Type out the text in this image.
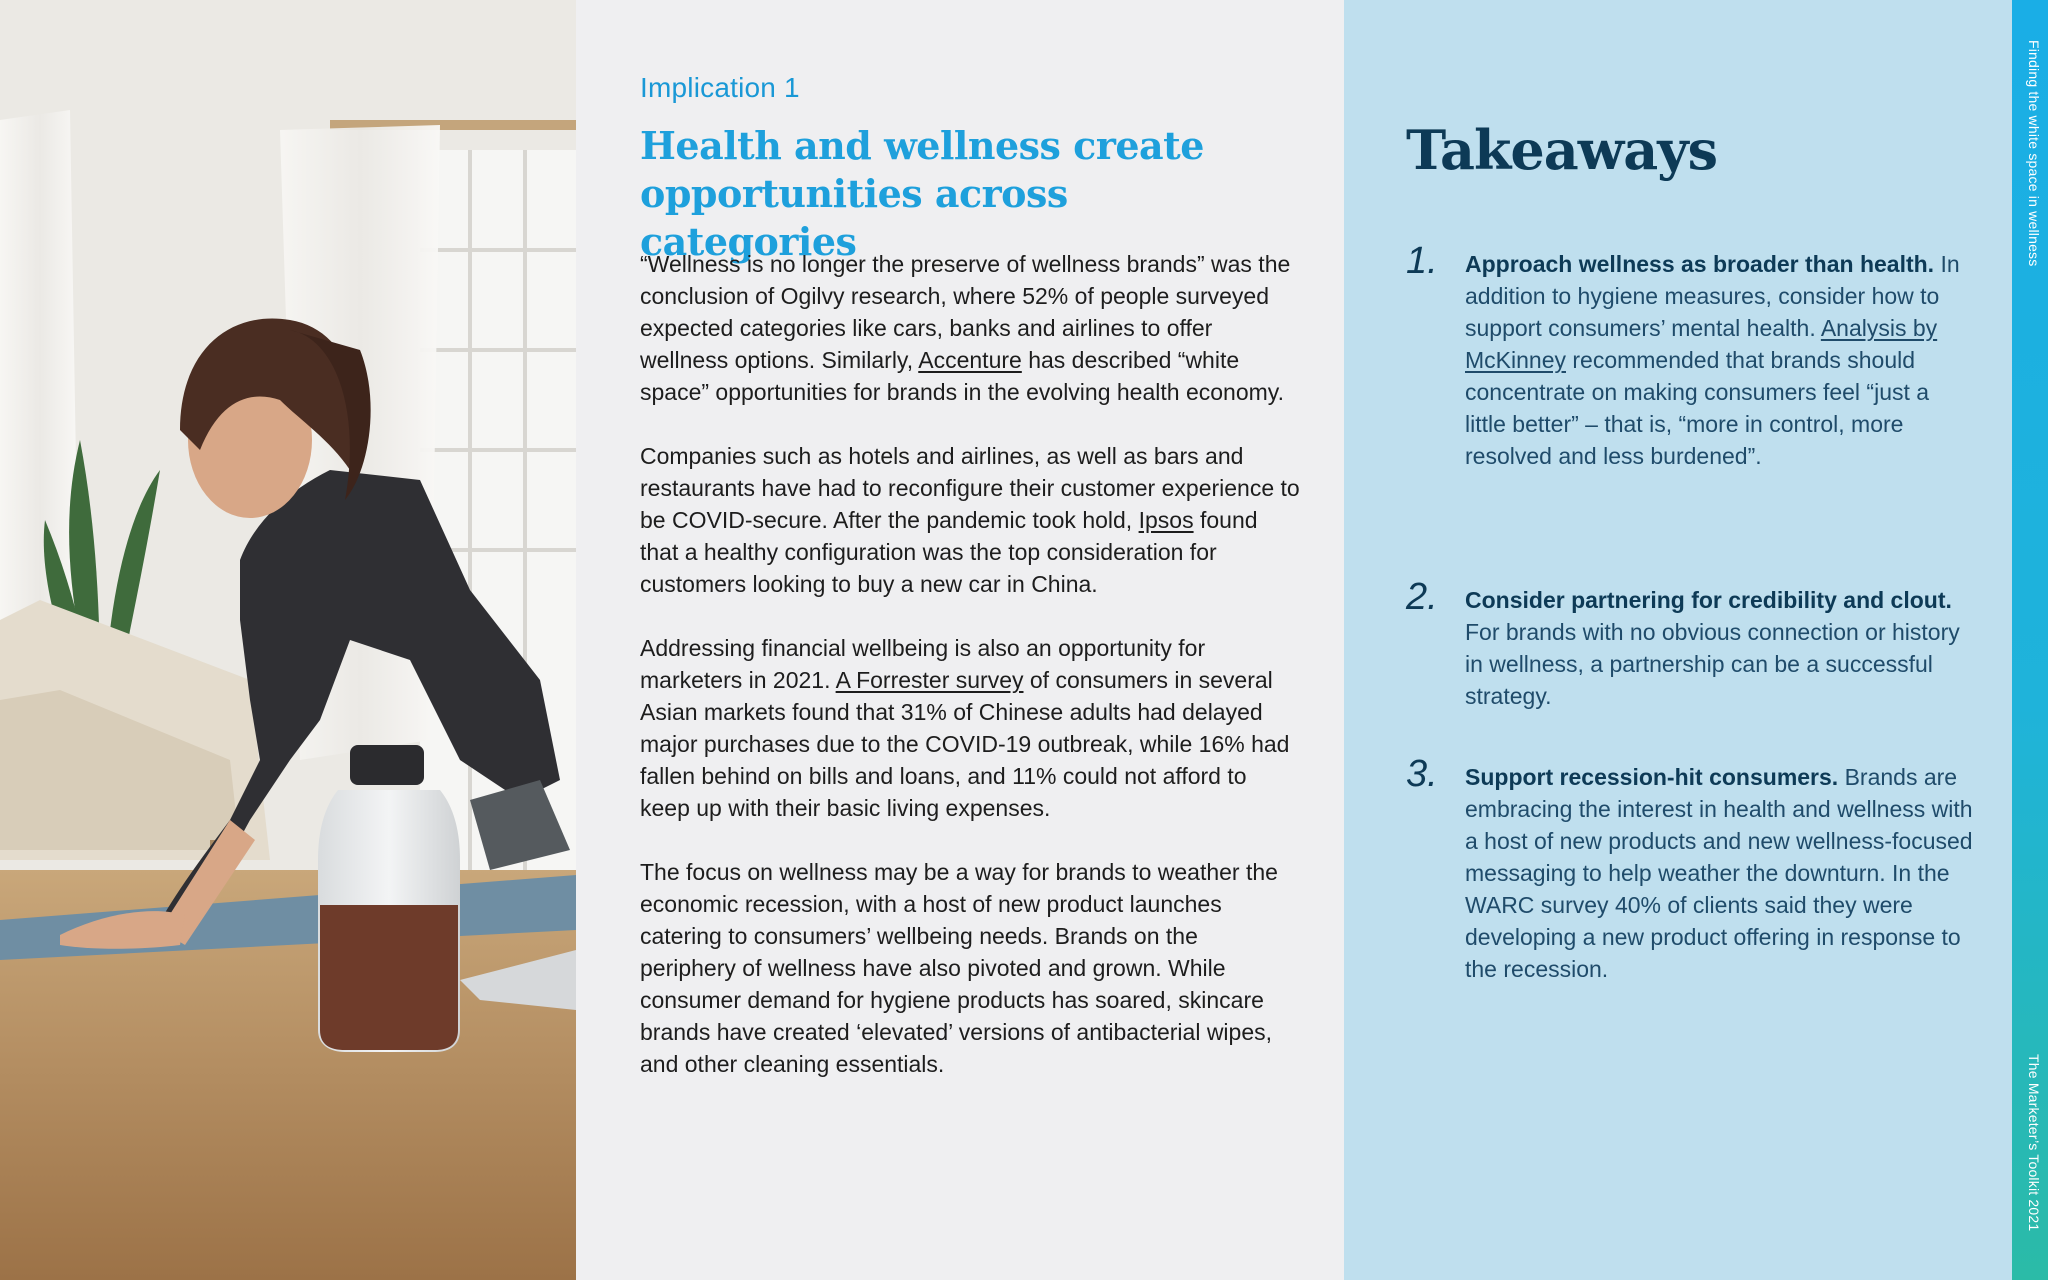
Implication 1
Health and wellness create opportunities across categories

“Wellness is no longer the preserve of wellness brands” was the conclusion of Ogilvy research, where 52% of people surveyed expected categories like cars, banks and airlines to offer wellness options. Similarly, Accenture has described “white space” opportunities for brands in the evolving health economy.

Companies such as hotels and airlines, as well as bars and restaurants have had to reconfigure their customer experience to be COVID-secure. After the pandemic took hold, Ipsos found that a healthy configuration was the top consideration for customers looking to buy a new car in China.

Addressing financial wellbeing is also an opportunity for marketers in 2021. A Forrester survey of consumers in several Asian markets found that 31% of Chinese adults had delayed major purchases due to the COVID-19 outbreak, while 16% had fallen behind on bills and loans, and 11% could not afford to keep up with their basic living expenses.

The focus on wellness may be a way for brands to weather the economic recession, with a host of new product launches catering to consumers’ wellbeing needs. Brands on the periphery of wellness have also pivoted and grown. While consumer demand for hygiene products has soared, skincare brands have created ‘elevated’ versions of antibacterial wipes, and other cleaning essentials.

Takeaways
1. Approach wellness as broader than health. In addition to hygiene measures, consider how to support consumers’ mental health. Analysis by McKinney recommended that brands should concentrate on making consumers feel “just a little better” – that is, “more in control, more resolved and less burdened”.
2. Consider partnering for credibility and clout. For brands with no obvious connection or history in wellness, a partnership can be a successful strategy.
3. Support recession-hit consumers. Brands are embracing the interest in health and wellness with a host of new products and new wellness-focused messaging to help weather the downturn. In the WARC survey 40% of clients said they were developing a new product offering in response to the recession.
Finding the white space in wellness
The Marketer’s Toolkit 2021
